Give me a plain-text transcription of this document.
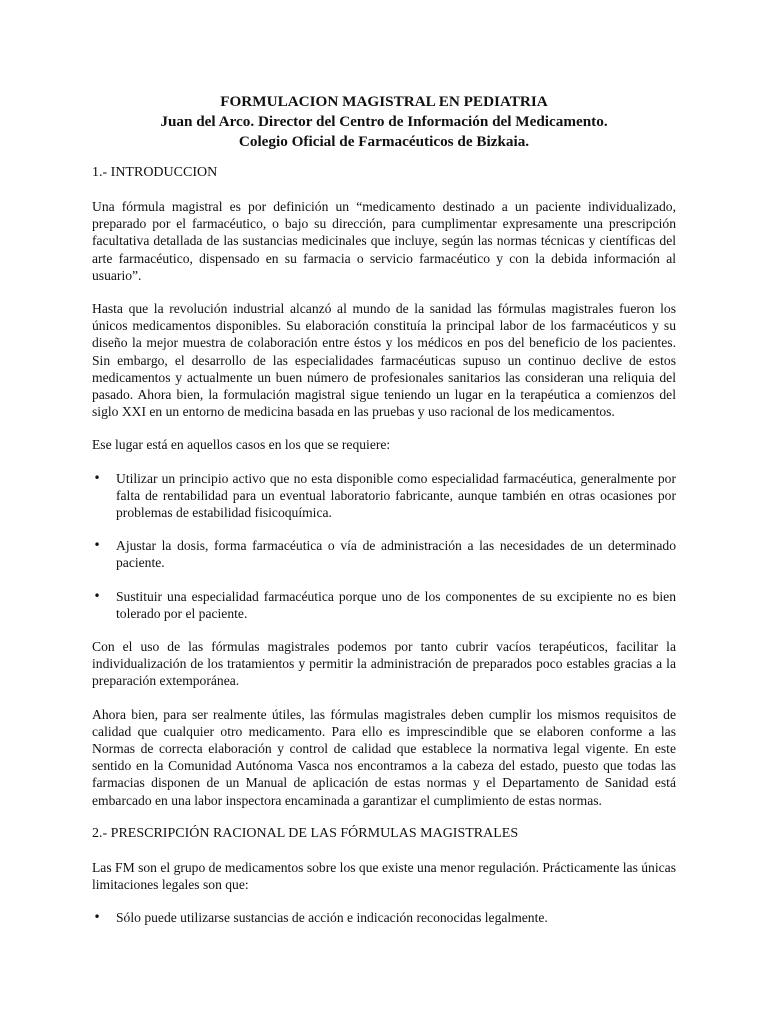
FORMULACION MAGISTRAL EN PEDIATRIA
Juan del Arco. Director del Centro de Información del Medicamento.
Colegio Oficial de Farmacéuticos de Bizkaia.
1.- INTRODUCCION

Una fórmula magistral es por definición un “medicamento destinado a un paciente individualizado, preparado por el farmacéutico, o bajo su dirección, para cumplimentar expresamente una prescripción facultativa detallada de las sustancias medicinales que incluye, según las normas técnicas y científicas del arte farmacéutico, dispensado en su farmacia o servicio farmacéutico y con la debida información al usuario”.

Hasta que la revolución industrial alcanzó al mundo de la sanidad las fórmulas magistrales fueron los únicos medicamentos disponibles. Su elaboración constituía la principal labor de los farmacéuticos y su diseño la mejor muestra de colaboración entre éstos y los médicos en pos del beneficio de los pacientes. Sin embargo, el desarrollo de las especialidades farmacéuticas supuso un continuo declive de estos medicamentos y actualmente un buen número de profesionales sanitarios las consideran una reliquia del pasado. Ahora bien, la formulación magistral sigue teniendo un lugar en la terapéutica a comienzos del siglo XXI en un entorno de medicina basada en las pruebas y uso racional de los medicamentos.

Ese lugar está en aquellos casos en los que se requiere:

• Utilizar un principio activo que no esta disponible como especialidad farmacéutica, generalmente por falta de rentabilidad para un eventual laboratorio fabricante, aunque también en otras ocasiones por problemas de estabilidad fisicoquímica.
• Ajustar la dosis, forma farmacéutica o vía de administración a las necesidades de un determinado paciente.
• Sustituir una especialidad farmacéutica porque uno de los componentes de su excipiente no es bien tolerado por el paciente.

Con el uso de las fórmulas magistrales podemos por tanto cubrir vacíos terapéuticos, facilitar la individualización de los tratamientos y permitir la administración de preparados poco estables gracias a la preparación extemporánea.

Ahora bien, para ser realmente útiles, las fórmulas magistrales deben cumplir los mismos requisitos de calidad que cualquier otro medicamento. Para ello es imprescindible que se elaboren conforme a las Normas de correcta elaboración y control de calidad que establece la normativa legal vigente. En este sentido en la Comunidad Autónoma Vasca nos encontramos a la cabeza del estado, puesto que todas las farmacias disponen de un Manual de aplicación de estas normas y el Departamento de Sanidad está embarcado en una labor inspectora encaminada a garantizar el cumplimiento de estas normas.

2.- PRESCRIPCIÓN RACIONAL DE LAS FÓRMULAS MAGISTRALES

Las FM son el grupo de medicamentos sobre los que existe una menor regulación. Prácticamente las únicas limitaciones legales son que:

• Sólo puede utilizarse sustancias de acción e indicación reconocidas legalmente.
